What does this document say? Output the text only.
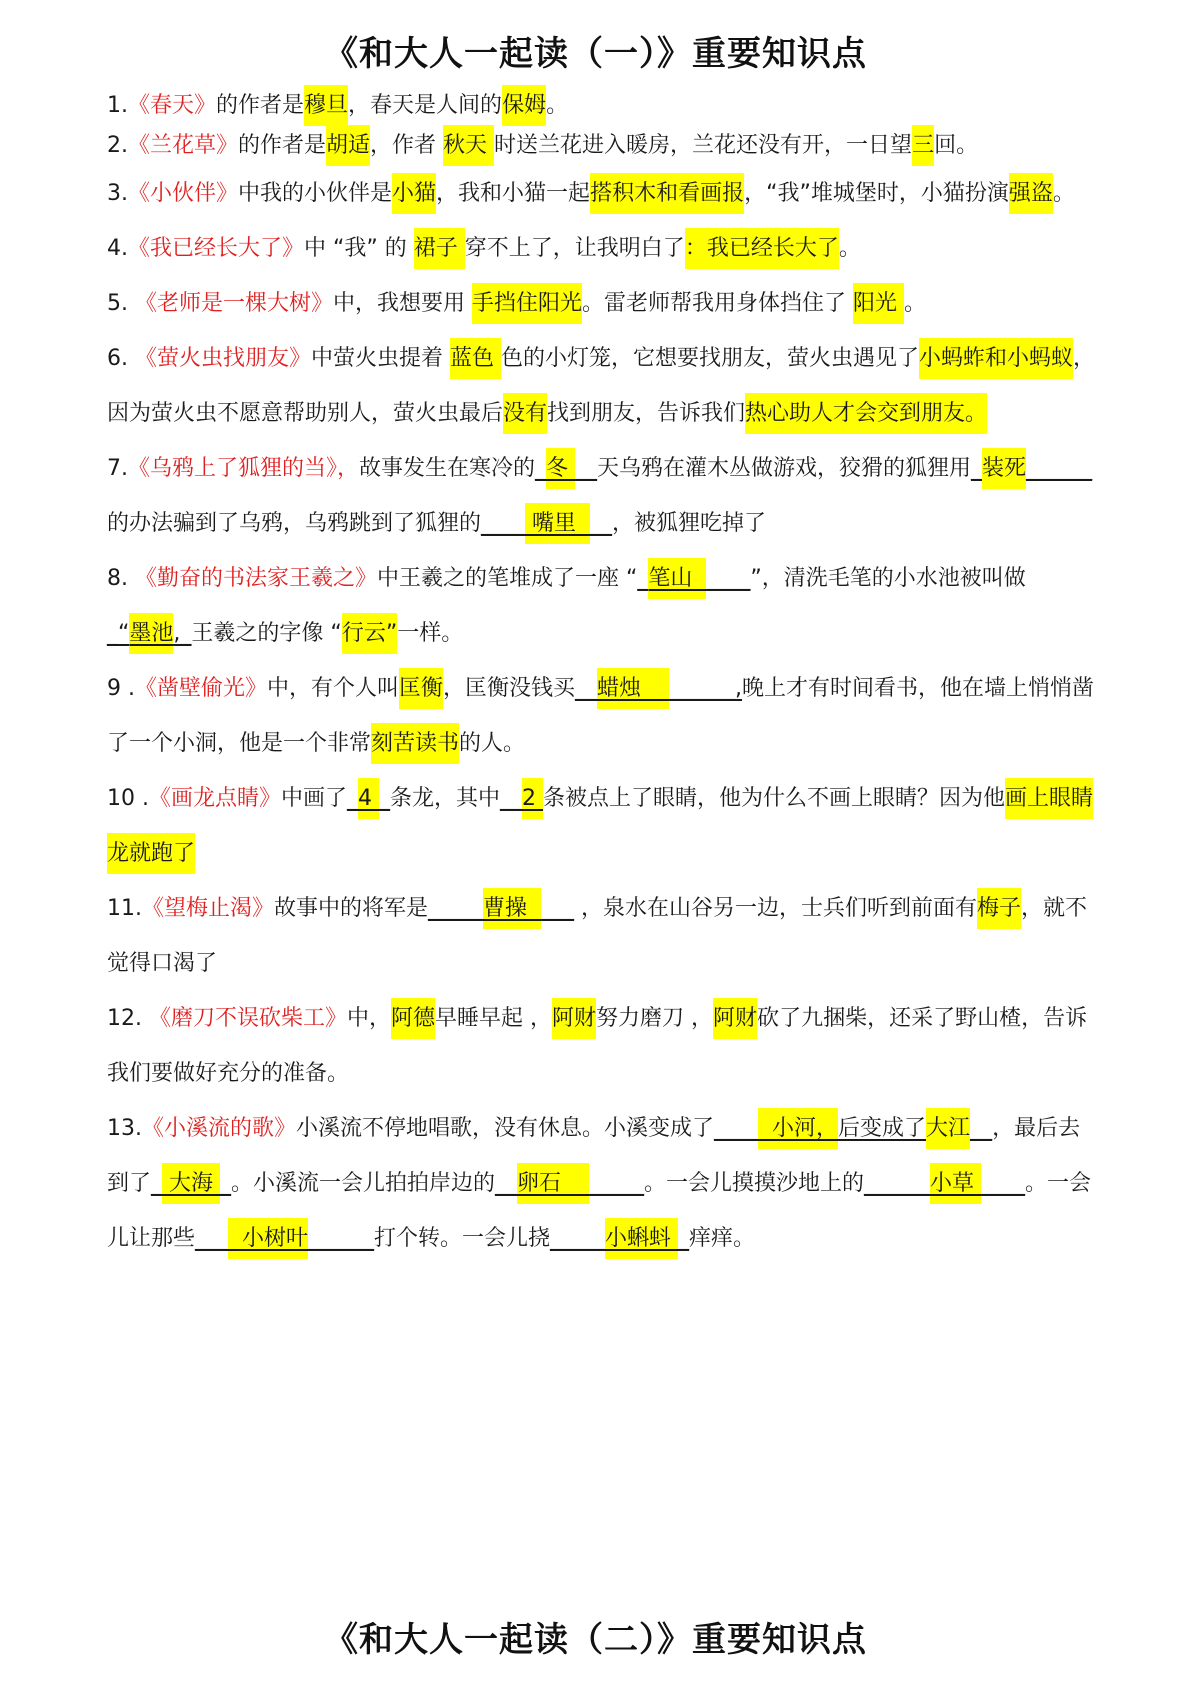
《和大人一起读（一）》重要知识点

1.《春天》的作者是穆旦，春天是人间的保姆。

2.《兰花草》的作者是胡适，作者 秋天 时送兰花进入暖房，兰花还没有开，一日望三回。

3.《小伙伴》中我的小伙伴是小猫，我和小猫一起搭积木和看画报，“我”堆城堡时，小猫扮演强盗。

4.《我已经长大了》中 “我” 的 裙子 穿不上了，让我明白了：我已经长大了。

5. 《老师是一棵大树》中，我想要用 手挡住阳光。雷老师帮我用身体挡住了 阳光 。

6. 《萤火虫找朋友》中萤火虫提着 蓝色 色的小灯笼，它想要找朋友，萤火虫遇见了小蚂蚱和小蚂蚁，因为萤火虫不愿意帮助别人，萤火虫最后没有找到朋友，告诉我们热心助人才会交到朋友。

7.《乌鸦上了狐狸的当》，故事发生在寒冷的_冬 __天乌鸦在灌木丛做游戏，狡猾的狐狸用_装死______的办法骗到了乌鸦，乌鸦跳到了狐狸的____ 嘴里  __，被狐狸吃掉了

8. 《勤奋的书法家王羲之》中王羲之的笔堆成了一座 “_笔山  ____”，清洗毛笔的小水池被叫做_“墨池,_王羲之的字像 “行云”一样。

9 .《凿壁偷光》中，有个人叫匡衡，匡衡没钱买__蜡烛    ______,晚上才有时间看书，他在墙上悄悄凿了一个小洞，他是一个非常刻苦读书的人。

10 .《画龙点睛》中画了_4 _条龙，其中__2 条被点上了眼睛，他为什么不画上眼睛？因为他画上眼睛龙就跑了

11.《望梅止渴》故事中的将军是_____曹操  ___ ，泉水在山谷另一边，士兵们听到前面有梅子，就不觉得口渴了

12. 《磨刀不误砍柴工》中，阿德早睡早起 ，阿财努力磨刀 ，阿财砍了九捆柴，还采了野山楂，告诉我们要做好充分的准备。

13.《小溪流的歌》小溪流不停地唱歌，没有休息。小溪变成了____  小河，后变成了大江__，最后去到了_ 大海 _。小溪流一会儿拍拍岸边的__卵石    _____。一会儿摸摸沙地上的______小草 ____。一会儿让那些___  小树叶______打个转。一会儿挠_____小蝌蚪 _痒痒。

《和大人一起读（二）》重要知识点
